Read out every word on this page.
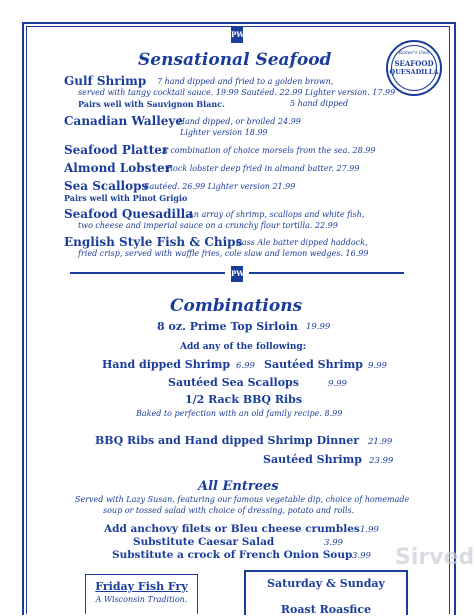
PW
Sensational Seafood	Ramer's Own
SEAFOOD
QUESADILLA
Gulf Shrimp 7 hand dipped and fried to a golden brown,
served with tangy cocktail sauce. 19.99 Sautéed. 22.99 Lighter version. 17.99
Pairs well with Sauvignon Blanc.	5 hand dipped
Canadian Walleye
Hand dipped, or broiled 24.99
Lighter version 18.99
Seafood Platter
A combination of choice morsels from the sea. 28.99
Almond Lobster
Rock lobster deep fried in almond batter. 27.99
Sea Scallops
Sautéed. 26.99 Lighter version 21.99
Pairs well with Pinot Grigio
Seafood Quesadilla
An array of shrimp, scallops and white fish,
two cheese and imperial sauce on a crunchy flour tortilla. 22.99
English Style Fish & Chips
Bass Ale batter dipped haddock,
fried crisp, served with waffle fries, cole slaw and lemon wedges. 16.99
PW
Combinations
8 oz. Prime Top Sirloin 19.99
Add any of the following:
Hand dipped Shrimp 6.99 Sautéed Shrimp 9.99
Sautéed Sea Scallops	9.99
1/2 Rack BBQ Ribs
Baked to perfection with an old family recipe. 8.99
BBQ Ribs and Hand dipped Shrimp Dinner 21.99
Sautéed Shrimp 23.99
All Entrees
Served with Lazy Susan, featuring our famous vegetable dip, choice of homemade
soup or tossed salad with choice of dressing, potato and rolls.
Add anchovy filets or Bleu cheese crumbles 1.99
Substitute Caesar Salad	3.99
Substitute a crock of French Onion Soup 3.99 Sirved
Friday Fish Fry
A Wisconsin Tradition.
Saturday & Sunday
Roast Roasfice
